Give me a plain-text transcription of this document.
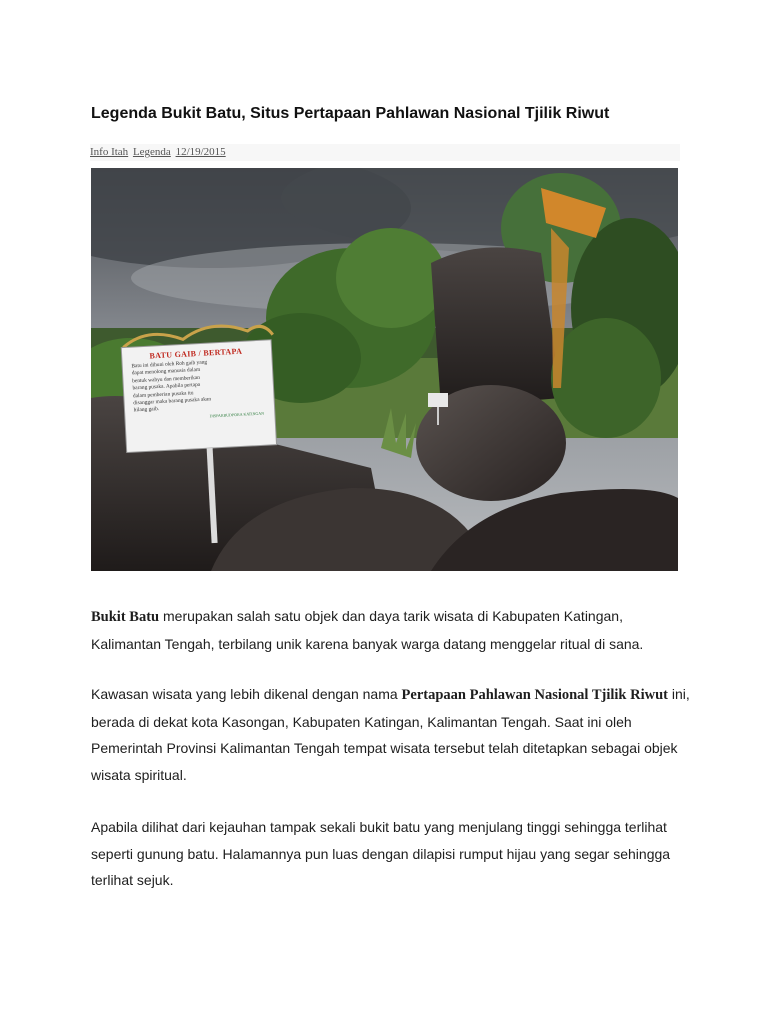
Legenda Bukit Batu, Situs Pertapaan Pahlawan Nasional Tjilik Riwut
Info Itah Legenda 12/19/2015
BATU GAIB / BERTAPA
Batu ini dihuni oleh Roh gaib yang
dapat menolong manusia dalam
bentuk wahyu dan memberikan
barang pusaka. Apabila pertapa
dalam pemberian pusaka itu
disanggar maka barang pusaka akan
hilang gaib.
DISPARBUDPORA KATINGAN

Bukit Batu merupakan salah satu objek dan daya tarik wisata di Kabupaten Katingan, Kalimantan Tengah, terbilang unik karena banyak warga datang menggelar ritual di sana.

Kawasan wisata yang lebih dikenal dengan nama Pertapaan Pahlawan Nasional Tjilik Riwut ini, berada di dekat kota Kasongan, Kabupaten Katingan, Kalimantan Tengah. Saat ini oleh Pemerintah Provinsi Kalimantan Tengah tempat wisata tersebut telah ditetapkan sebagai objek wisata spiritual.

Apabila dilihat dari kejauhan tampak sekali bukit batu yang menjulang tinggi sehingga terlihat seperti gunung batu. Halamannya pun luas dengan dilapisi rumput hijau yang segar sehingga terlihat sejuk.
